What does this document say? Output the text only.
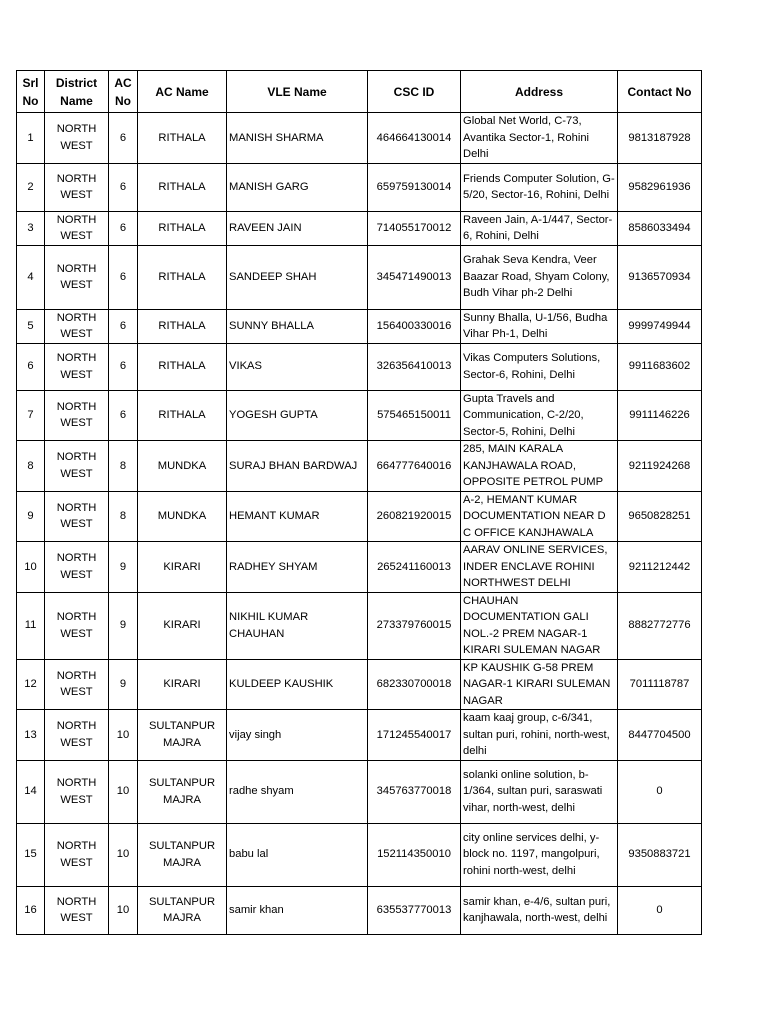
Srl No	District Name	AC No	AC Name	VLE Name	CSC ID	Address	Contact No
1	NORTH WEST	6	RITHALA	MANISH SHARMA	464664130014	Global Net World, C-73, Avantika Sector-1, Rohini Delhi	9813187928
2	NORTH WEST	6	RITHALA	MANISH GARG	659759130014	Friends Computer Solution, G-5/20, Sector-16, Rohini, Delhi	9582961936
3	NORTH WEST	6	RITHALA	RAVEEN JAIN	714055170012	Raveen Jain, A-1/447, Sector-6, Rohini, Delhi	8586033494
4	NORTH WEST	6	RITHALA	SANDEEP SHAH	345471490013	Grahak Seva Kendra, Veer Baazar Road, Shyam Colony, Budh Vihar ph-2 Delhi	9136570934
5	NORTH WEST	6	RITHALA	SUNNY BHALLA	156400330016	Sunny Bhalla, U-1/56, Budha Vihar Ph-1, Delhi	9999749944
6	NORTH WEST	6	RITHALA	VIKAS	326356410013	Vikas Computers Solutions, Sector-6, Rohini, Delhi	9911683602
7	NORTH WEST	6	RITHALA	YOGESH GUPTA	575465150011	Gupta Travels and Communication, C-2/20, Sector-5, Rohini, Delhi	9911146226
8	NORTH WEST	8	MUNDKA	SURAJ BHAN BARDWAJ	664777640016	285, MAIN KARALA KANJHAWALA ROAD, OPPOSITE PETROL PUMP	9211924268
9	NORTH WEST	8	MUNDKA	HEMANT KUMAR	260821920015	A-2, HEMANT KUMAR DOCUMENTATION NEAR D C OFFICE KANJHAWALA	9650828251
10	NORTH WEST	9	KIRARI	RADHEY SHYAM	265241160013	AARAV ONLINE SERVICES, INDER ENCLAVE ROHINI NORTHWEST DELHI	9211212442
11	NORTH WEST	9	KIRARI	NIKHIL KUMAR CHAUHAN	273379760015	CHAUHAN DOCUMENTATION GALI NOL.-2 PREM NAGAR-1 KIRARI SULEMAN NAGAR	8882772776
12	NORTH WEST	9	KIRARI	KULDEEP KAUSHIK	682330700018	KP KAUSHIK G-58 PREM NAGAR-1 KIRARI SULEMAN NAGAR	7011118787
13	NORTH WEST	10	SULTANPUR MAJRA	vijay singh	171245540017	kaam kaaj group, c-6/341, sultan puri, rohini, north-west, delhi	8447704500
14	NORTH WEST	10	SULTANPUR MAJRA	radhe shyam	345763770018	solanki online solution, b-1/364, sultan puri, saraswati vihar, north-west, delhi	0
15	NORTH WEST	10	SULTANPUR MAJRA	babu lal	152114350010	city online services delhi, y-block no. 1197, mangolpuri, rohini north-west, delhi	9350883721
16	NORTH WEST	10	SULTANPUR MAJRA	samir khan	635537770013	samir khan, e-4/6, sultan puri, kanjhawala, north-west, delhi	0
